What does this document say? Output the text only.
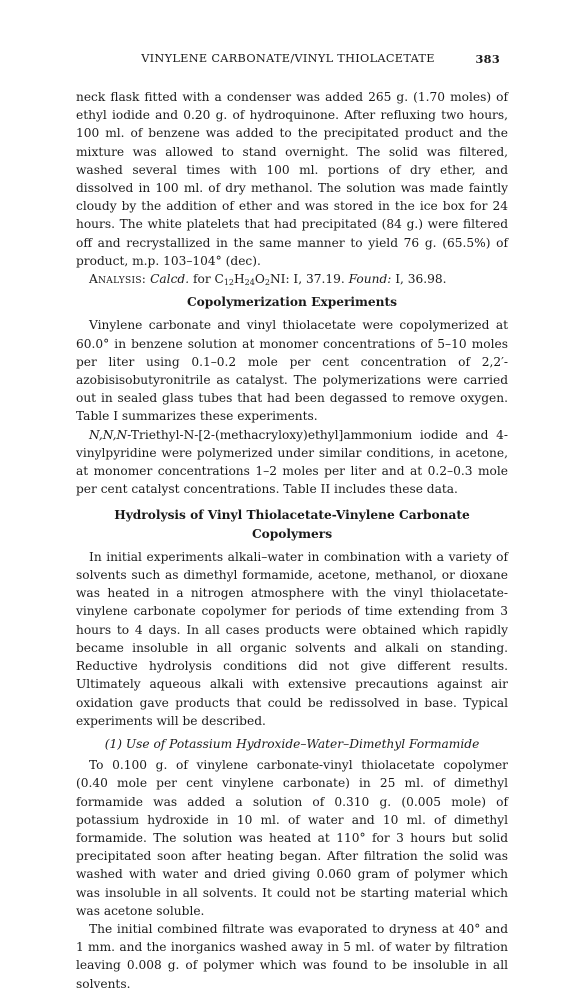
VINYLENE CARBONATE/VINYL THIOLACETATE	383

neck flask fitted with a condenser was added 265 g. (1.70 moles) of ethyl iodide and 0.20 g. of hydroquinone. After refluxing two hours, 100 ml. of benzene was added to the precipitated product and the mixture was allowed to stand overnight. The solid was filtered, washed several times with 100 ml. portions of dry ether, and dissolved in 100 ml. of dry methanol. The solution was made faintly cloudy by the addition of ether and was stored in the ice box for 24 hours. The white platelets that had precipitated (84 g.) were filtered off and recrystallized in the same manner to yield 76 g. (65.5%) of product, m.p. 103–104° (dec).

Analysis: Calcd. for $C_{12}H_{24}O_2NI$: I, 37.19. Found: I, 36.98.

Copolymerization Experiments

Vinylene carbonate and vinyl thiolacetate were copolymerized at 60.0° in benzene solution at monomer concentrations of 5–10 moles per liter using 0.1–0.2 mole per cent concentration of 2,2′-azobisisobutyronitrile as catalyst. The polymerizations were carried out in sealed glass tubes that had been degassed to remove oxygen. Table I summarizes these experiments.

N,N,N-Triethyl-N-[2-(methacryloxy)ethyl]ammonium iodide and 4-vinylpyridine were polymerized under similar conditions, in acetone, at monomer concentrations 1–2 moles per liter and at 0.2–0.3 mole per cent catalyst concentrations. Table II includes these data.

Hydrolysis of Vinyl Thiolacetate-Vinylene Carbonate Copolymers

In initial experiments alkali–water in combination with a variety of solvents such as dimethyl formamide, acetone, methanol, or dioxane was heated in a nitrogen atmosphere with the vinyl thiolacetate-vinylene carbonate copolymer for periods of time extending from 3 hours to 4 days. In all cases products were obtained which rapidly became insoluble in all organic solvents and alkali on standing. Reductive hydrolysis conditions did not give different results. Ultimately aqueous alkali with extensive precautions against air oxidation gave products that could be redissolved in base. Typical experiments will be described.

(1) Use of Potassium Hydroxide–Water–Dimethyl Formamide

To 0.100 g. of vinylene carbonate-vinyl thiolacetate copolymer (0.40 mole per cent vinylene carbonate) in 25 ml. of dimethyl formamide was added a solution of 0.310 g. (0.005 mole) of potassium hydroxide in 10 ml. of water and 10 ml. of dimethyl formamide. The solution was heated at 110° for 3 hours but solid precipitated soon after heating began. After filtration the solid was washed with water and dried giving 0.060 gram of polymer which was insoluble in all solvents. It could not be starting material which was acetone soluble.

The initial combined filtrate was evaporated to dryness at 40° and 1 mm. and the inorganics washed away in 5 ml. of water by filtration leaving 0.008 g. of polymer which was found to be insoluble in all solvents.
